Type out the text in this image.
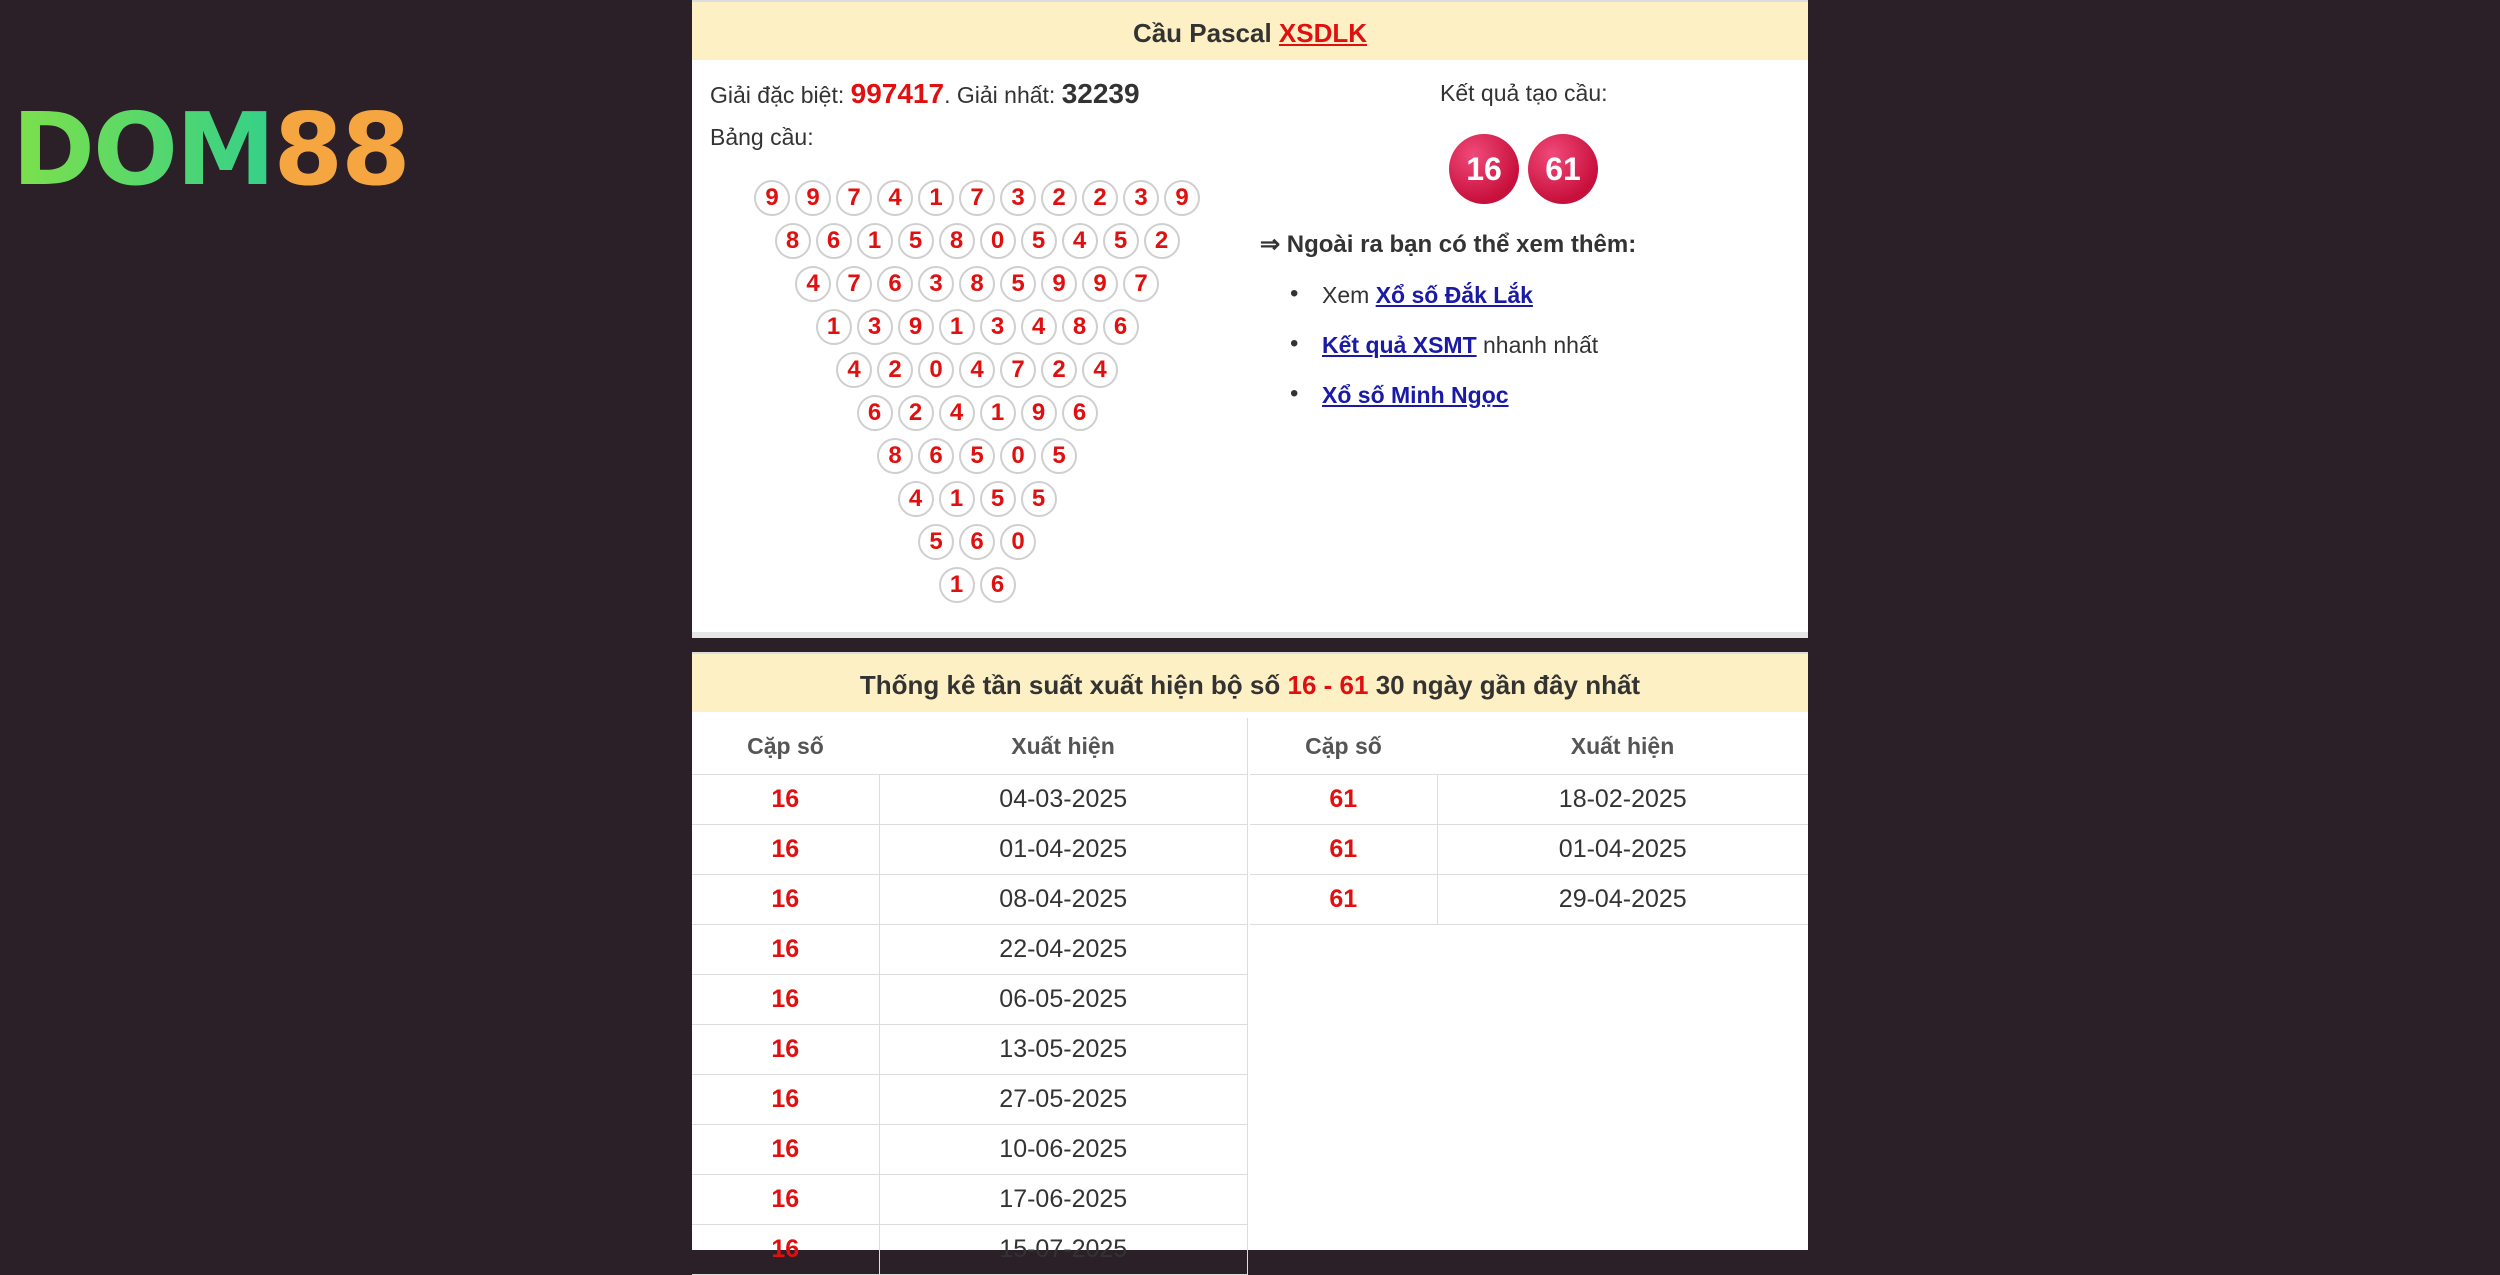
DOM88
Cầu Pascal XSDLK
Giải đặc biệt: 997417. Giải nhất: 32239
Bảng cầu:
9	9	7	4	1	7	3	2	2	3	9
8	6	1	5	8	0	5	4	5	2
4	7	6	3	8	5	9	9	7
1	3	9	1	3	4	8	6
4	2	0	4	7	2	4
6	2	4	1	9	6
8	6	5	0	5
4	1	5	5
5	6	0
1	6
Kết quả tạo cầu:
16	61
⇒ Ngoài ra bạn có thể xem thêm:
• Xem Xổ số Đắk Lắk
• Kết quả XSMT nhanh nhất
• Xổ số Minh Ngọc
Thống kê tần suất xuất hiện bộ số 16 - 61 30 ngày gần đây nhất
Cặp số	Xuất hiện
16	04-03-2025
16	01-04-2025
16	08-04-2025
16	22-04-2025
16	06-05-2025
16	13-05-2025
16	27-05-2025
16	10-06-2025
16	17-06-2025
16	15-07-2025
Cặp số	Xuất hiện
61	18-02-2025
61	01-04-2025
61	29-04-2025
